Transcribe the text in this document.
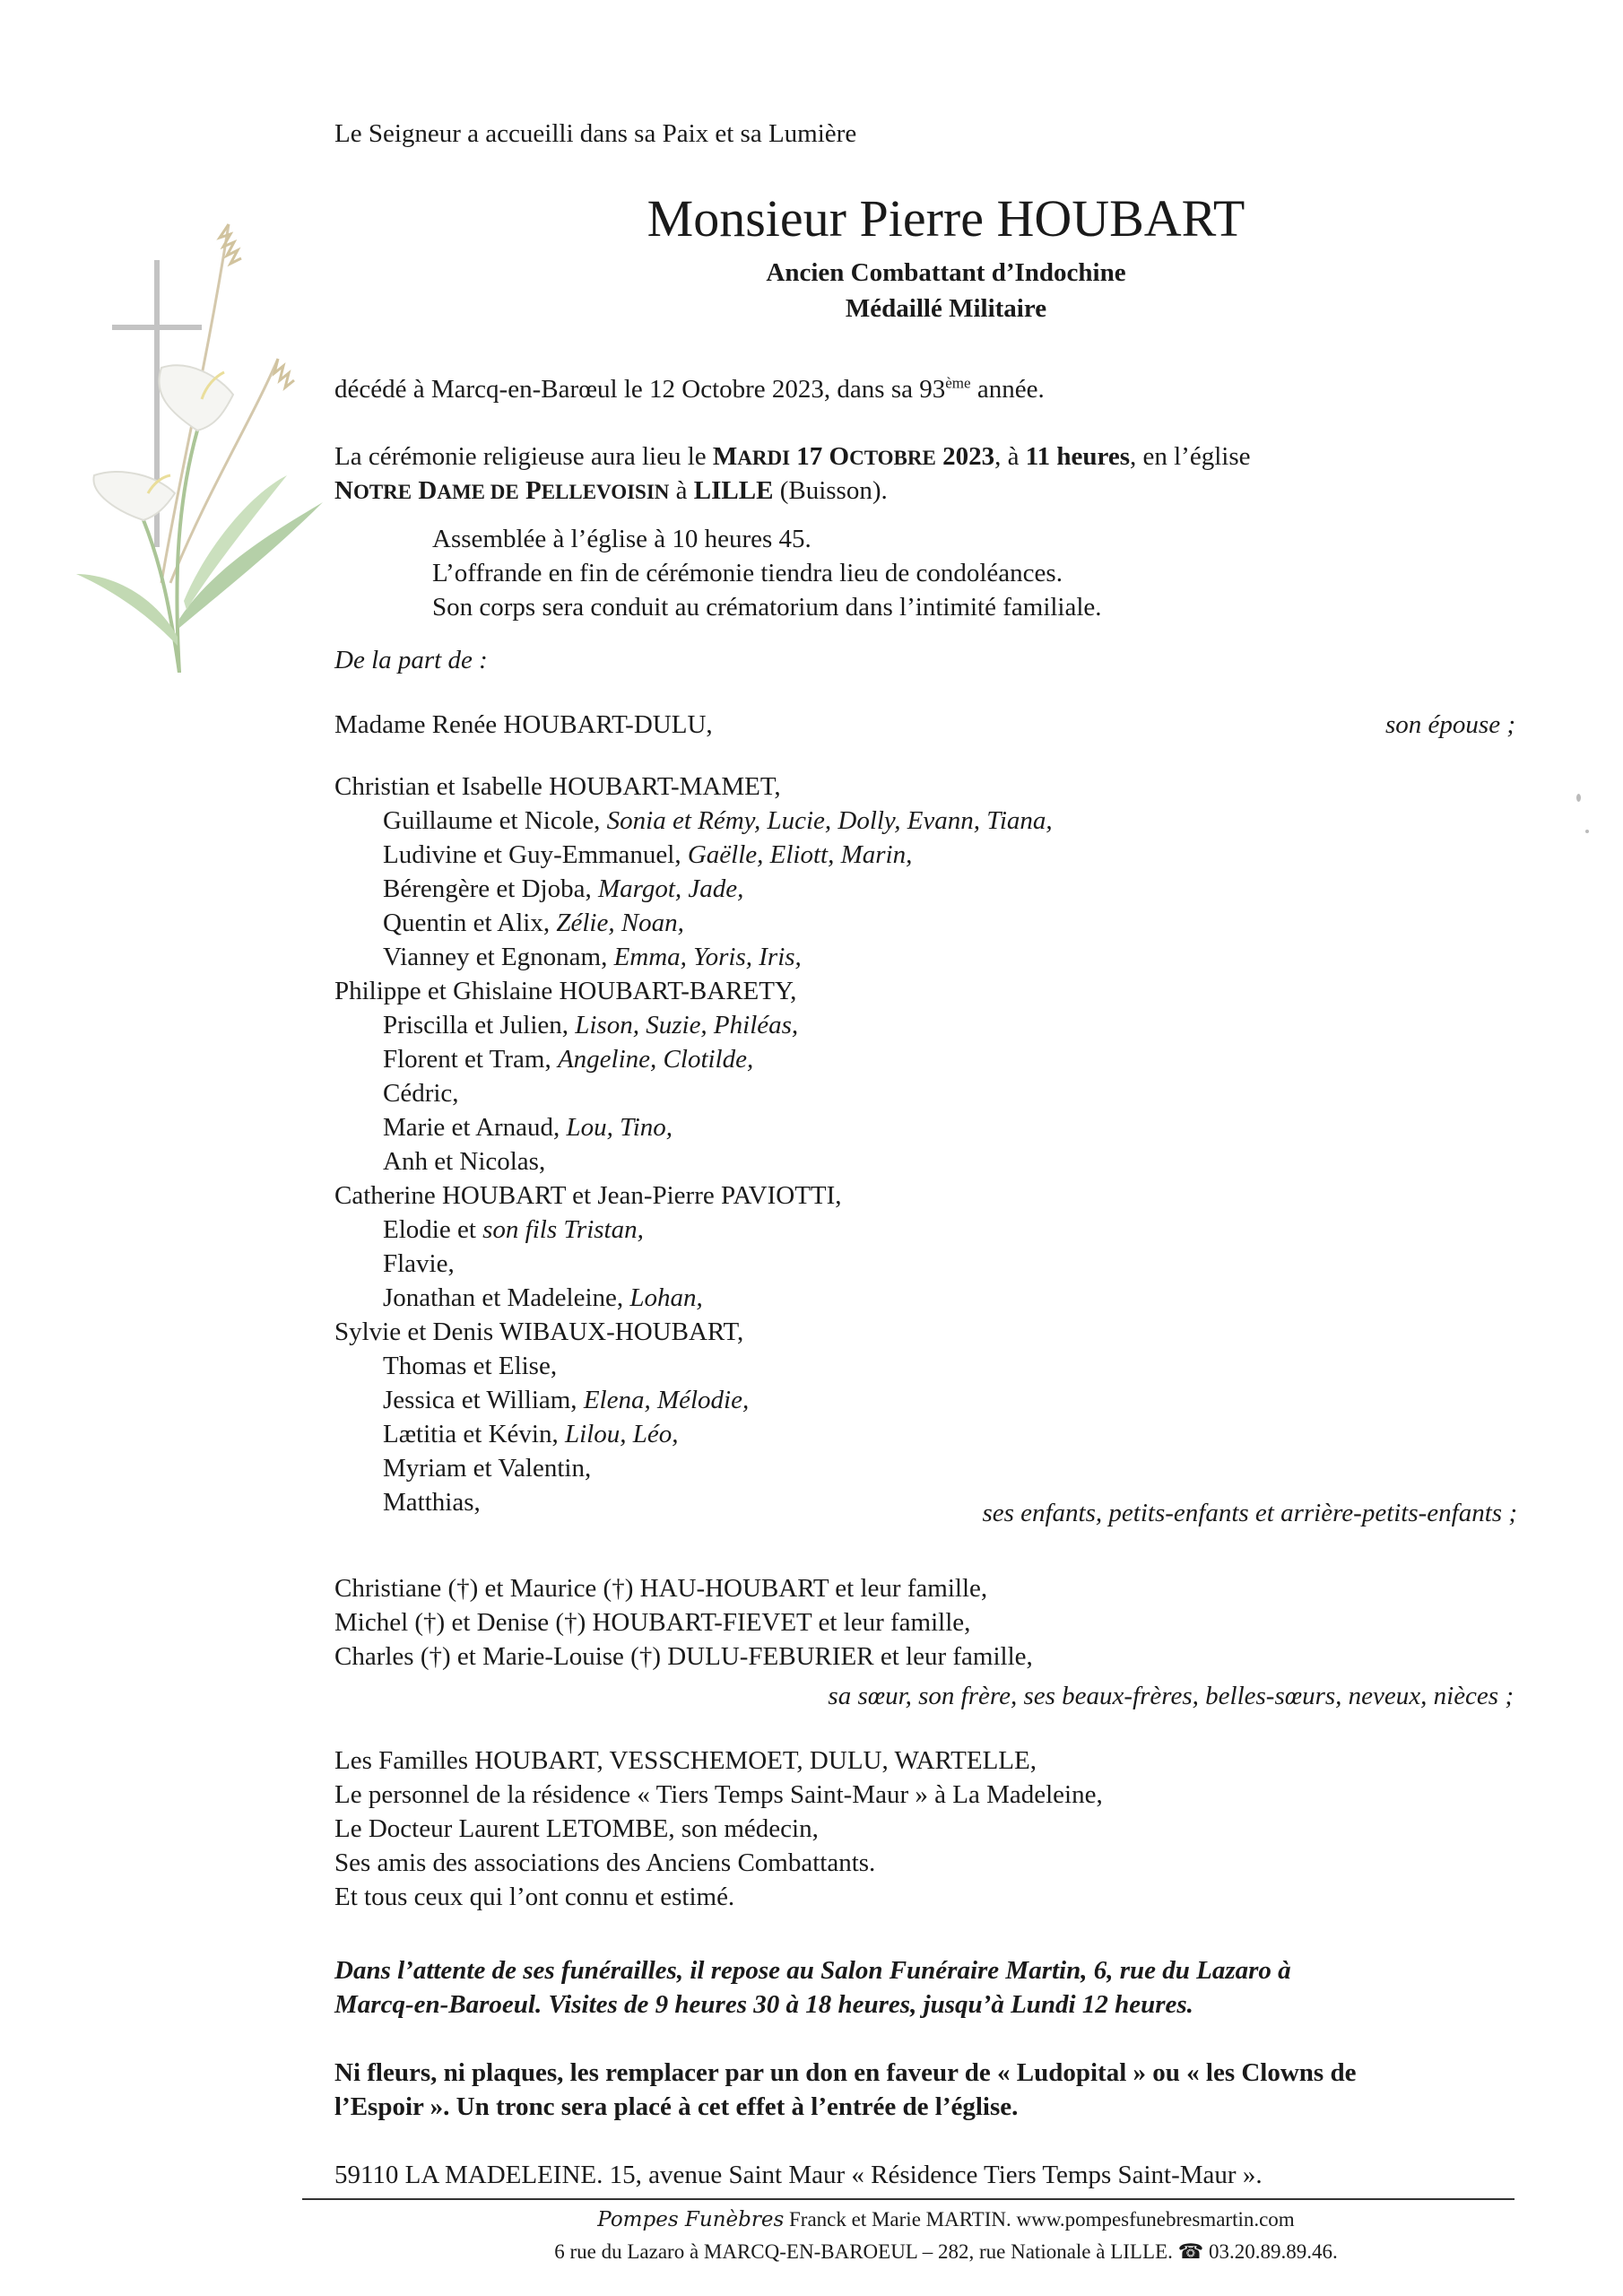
Le Seigneur a accueilli dans sa Paix et sa Lumière
Monsieur Pierre HOUBART
Ancien Combattant d’Indochine
Médaillé Militaire
décédé à Marcq-en-Barœul le 12 Octobre 2023, dans sa 93ème année.
La cérémonie religieuse aura lieu le MARDI 17 OCTOBRE 2023, à 11 heures, en l’église
NOTRE DAME DE PELLEVOISIN à LILLE (Buisson).
Assemblée à l’église à 10 heures 45.
L’offrande en fin de cérémonie tiendra lieu de condoléances.
Son corps sera conduit au crématorium dans l’intimité familiale.
De la part de :
Madame Renée HOUBART-DULU,	son épouse ;
Christian et Isabelle HOUBART-MAMET,
Guillaume et Nicole, Sonia et Rémy, Lucie, Dolly, Evann, Tiana,
Ludivine et Guy-Emmanuel, Gaëlle, Eliott, Marin,
Bérengère et Djoba, Margot, Jade,
Quentin et Alix, Zélie, Noan,
Vianney et Egnonam, Emma, Yoris, Iris,
Philippe et Ghislaine HOUBART-BARETY,
Priscilla et Julien, Lison, Suzie, Philéas,
Florent et Tram, Angeline, Clotilde,
Cédric,
Marie et Arnaud, Lou, Tino,
Anh et Nicolas,
Catherine HOUBART et Jean-Pierre PAVIOTTI,
Elodie et son fils Tristan,
Flavie,
Jonathan et Madeleine, Lohan,
Sylvie et Denis WIBAUX-HOUBART,
Thomas et Elise,
Jessica et William, Elena, Mélodie,
Lætitia et Kévin, Lilou, Léo,
Myriam et Valentin,
Matthias,	ses enfants, petits-enfants et arrière-petits-enfants ;
Christiane (†) et Maurice (†) HAU-HOUBART et leur famille,
Michel (†) et Denise (†) HOUBART-FIEVET et leur famille,
Charles (†) et Marie-Louise (†) DULU-FEBURIER et leur famille,
sa sœur, son frère, ses beaux-frères, belles-sœurs, neveux, nièces ;
Les Familles HOUBART, VESSCHEMOET, DULU, WARTELLE,
Le personnel de la résidence « Tiers Temps Saint-Maur » à La Madeleine,
Le Docteur Laurent LETOMBE, son médecin,
Ses amis des associations des Anciens Combattants.
Et tous ceux qui l’ont connu et estimé.
Dans l’attente de ses funérailles, il repose au Salon Funéraire Martin, 6, rue du Lazaro à
Marcq-en-Baroeul. Visites de 9 heures 30 à 18 heures, jusqu’à Lundi 12 heures.
Ni fleurs, ni plaques, les remplacer par un don en faveur de « Ludopital » ou « les Clowns de
l’Espoir ». Un tronc sera placé à cet effet à l’entrée de l’église.
59110 LA MADELEINE. 15, avenue Saint Maur « Résidence Tiers Temps Saint-Maur ».
Pompes Funèbres Franck et Marie MARTIN. www.pompesfunebresmartin.com
6 rue du Lazaro à MARCQ-EN-BAROEUL – 282, rue Nationale à LILLE. ☎ 03.20.89.89.46.
